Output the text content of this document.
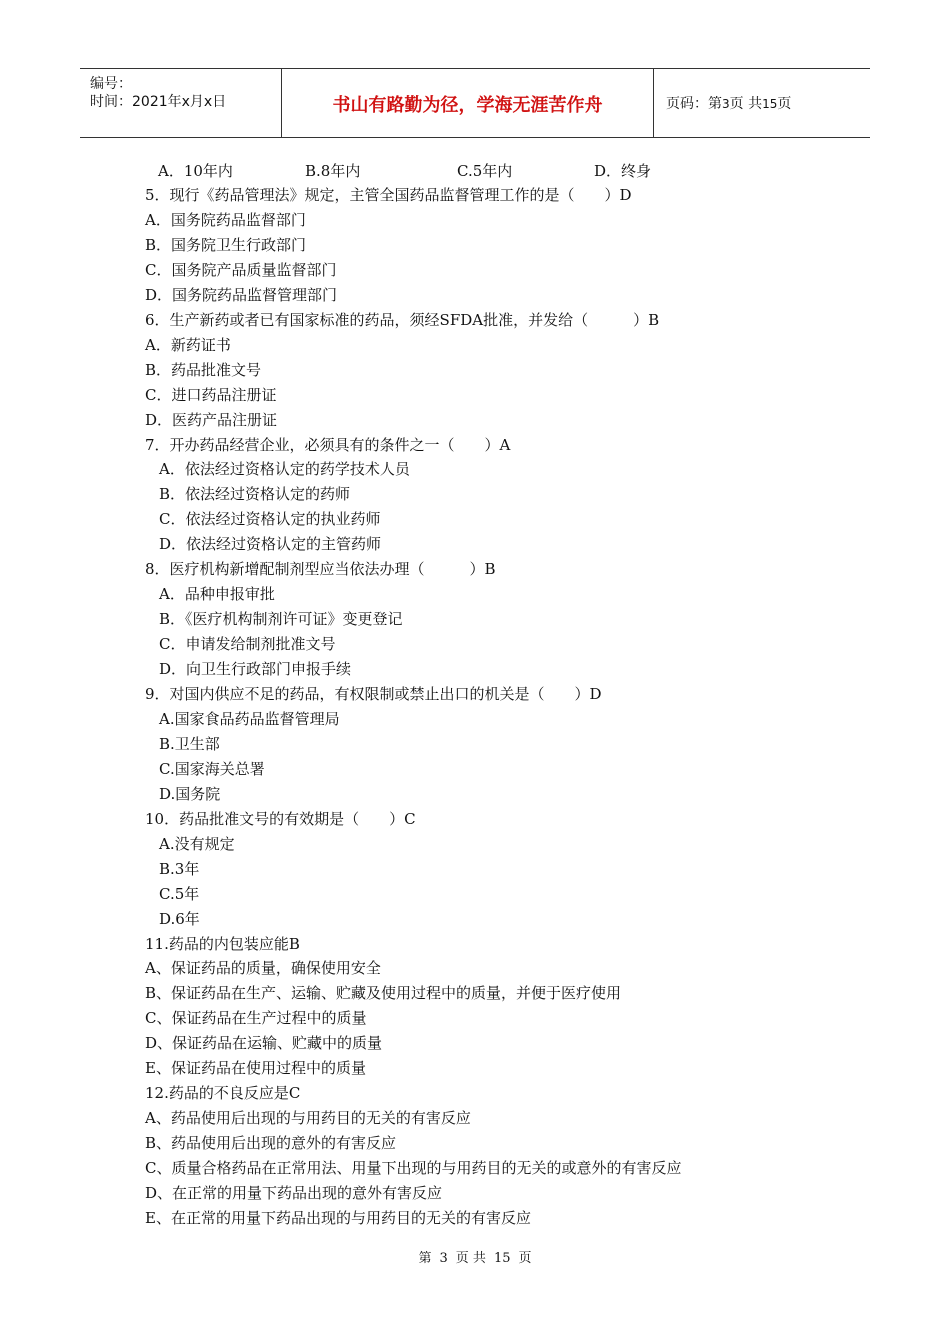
编号：
时间：2021年x月x日	书山有路勤为径，学海无涯苦作舟	页码：第3页 共15页
A．10年内	B.8年内	C.5年内	D．终身
5．现行《药品管理法》规定，主管全国药品监督管理工作的是（　　）D
A．国务院药品监督部门
B．国务院卫生行政部门
C．国务院产品质量监督部门
D．国务院药品监督管理部门
6．生产新药或者已有国家标准的药品，须经SFDA批准，并发给（　　　）B
A．新药证书
B．药品批准文号
C．进口药品注册证
D．医药产品注册证
7．开办药品经营企业，必须具有的条件之一（　　）A
A．依法经过资格认定的药学技术人员
B．依法经过资格认定的药师
C．依法经过资格认定的执业药师
D．依法经过资格认定的主管药师
8．医疗机构新增配制剂型应当依法办理（　　　）B
A．品种申报审批
B．《医疗机构制剂许可证》变更登记
C．申请发给制剂批准文号
D．向卫生行政部门申报手续
9．对国内供应不足的药品，有权限制或禁止出口的机关是（　　）D
A.国家食品药品监督管理局
B.卫生部
C.国家海关总署
D.国务院
10．药品批准文号的有效期是（　　）C
A.没有规定
B.3年
C.5年
D.6年
11.药品的内包装应能B
A、保证药品的质量，确保使用安全
B、保证药品在生产、运输、贮藏及使用过程中的质量，并便于医疗使用
C、保证药品在生产过程中的质量
D、保证药品在运输、贮藏中的质量
E、保证药品在使用过程中的质量
12.药品的不良反应是C
A、药品使用后出现的与用药目的无关的有害反应
B、药品使用后出现的意外的有害反应
C、质量合格药品在正常用法、用量下出现的与用药目的无关的或意外的有害反应
D、在正常的用量下药品出现的意外有害反应
E、在正常的用量下药品出现的与用药目的无关的有害反应
第 3 页 共 15 页
